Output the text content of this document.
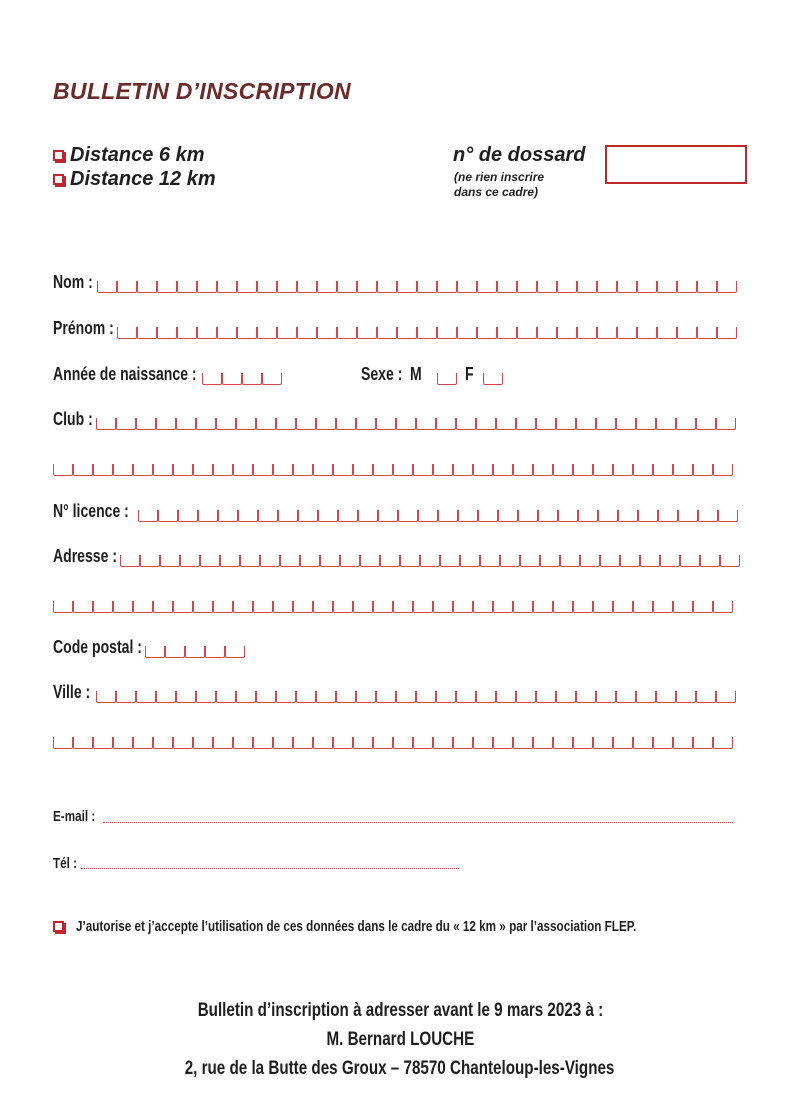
BULLETIN D’INSCRIPTION
Distance 6 km
Distance 12 km
n° de dossard
(ne rien inscrire
dans ce cadre)
Nom :
Prénom :
Année de naissance :	Sexe : M F
Club :
N° licence :
Adresse :
Code postal :
Ville :
E-mail :
Tél :
J’autorise et j’accepte l’utilisation de ces données dans le cadre du « 12 km » par l’association FLEP.
Bulletin d’inscription à adresser avant le 9 mars 2023 à :
M. Bernard LOUCHE
2, rue de la Butte des Groux – 78570 Chanteloup-les-Vignes
